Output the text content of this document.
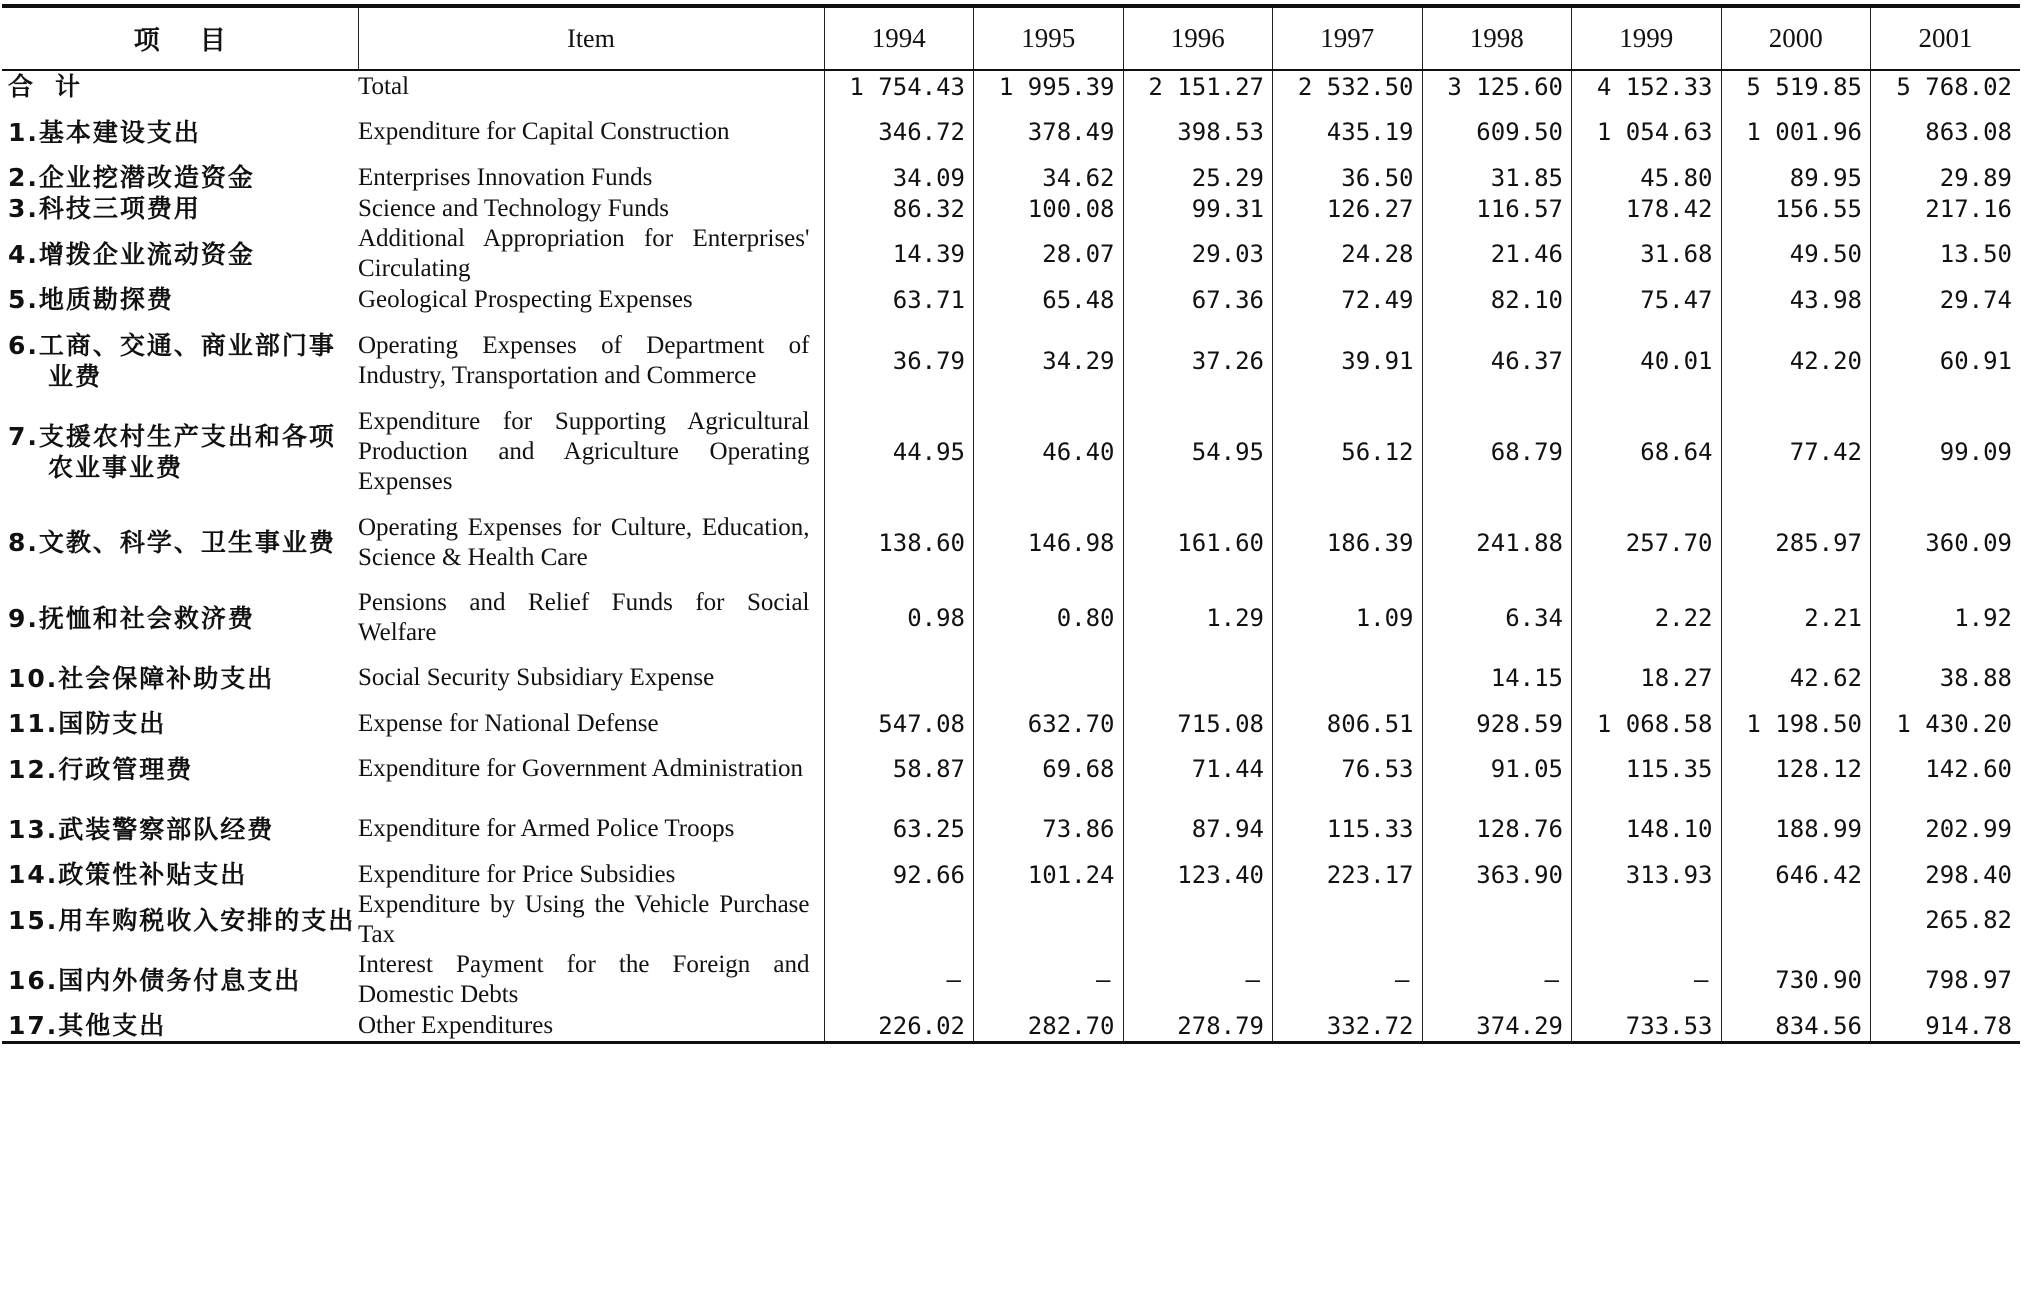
项目	Item	1994	1995	1996	1997	1998	1999	2000	2001

合计	Total	1 754.43	1 995.39	2 151.27	2 532.50	3 125.60	4 152.33	5 519.85	5 768.02

1.基本建设支出	Expenditure for Capital Construction	346.72	378.49	398.53	435.19	609.50	1 054.63	1 001.96	863.08

2.企业挖潜改造资金	Enterprises Innovation Funds	34.09	34.62	25.29	36.50	31.85	45.80	89.95	29.89

3.科技三项费用	Science and Technology Funds	86.32	100.08	99.31	126.27	116.57	178.42	156.55	217.16

4.增拨企业流动资金	Additional Appropriation for Enterprises' Circulating	14.39	28.07	29.03	24.28	21.46	31.68	49.50	13.50

5.地质勘探费	Geological Prospecting Expenses	63.71	65.48	67.36	72.49	82.10	75.47	43.98	29.74

6.工商、交通、商业部门事业费	Operating Expenses of Department of Industry, Transportation and Commerce	36.79	34.29	37.26	39.91	46.37	40.01	42.20	60.91

7.支援农村生产支出和各项农业事业费	Expenditure for Supporting Agricultural Production and Agriculture Operating Expenses	44.95	46.40	54.95	56.12	68.79	68.64	77.42	99.09

8.文教、科学、卫生事业费	Operating Expenses for Culture, Education, Science & Health Care	138.60	146.98	161.60	186.39	241.88	257.70	285.97	360.09

9.抚恤和社会救济费	Pensions and Relief Funds for Social Welfare	0.98	0.80	1.29	1.09	6.34	2.22	2.21	1.92

10.社会保障补助支出	Social Security Subsidiary Expense					14.15	18.27	42.62	38.88

11.国防支出	Expense for National Defense	547.08	632.70	715.08	806.51	928.59	1 068.58	1 198.50	1 430.20

12.行政管理费	Expenditure for Government Administration	58.87	69.68	71.44	76.53	91.05	115.35	128.12	142.60

13.武装警察部队经费	Expenditure for Armed Police Troops	63.25	73.86	87.94	115.33	128.76	148.10	188.99	202.99

14.政策性补贴支出	Expenditure for Price Subsidies	92.66	101.24	123.40	223.17	363.90	313.93	646.42	298.40

15.用车购税收入安排的支出	Expenditure by Using the Vehicle Purchase Tax								265.82

16.国内外债务付息支出	Interest Payment for the Foreign and Domestic Debts	–	–	–	–	–	–	730.90	798.97

17.其他支出	Other Expenditures	226.02	282.70	278.79	332.72	374.29	733.53	834.56	914.78
